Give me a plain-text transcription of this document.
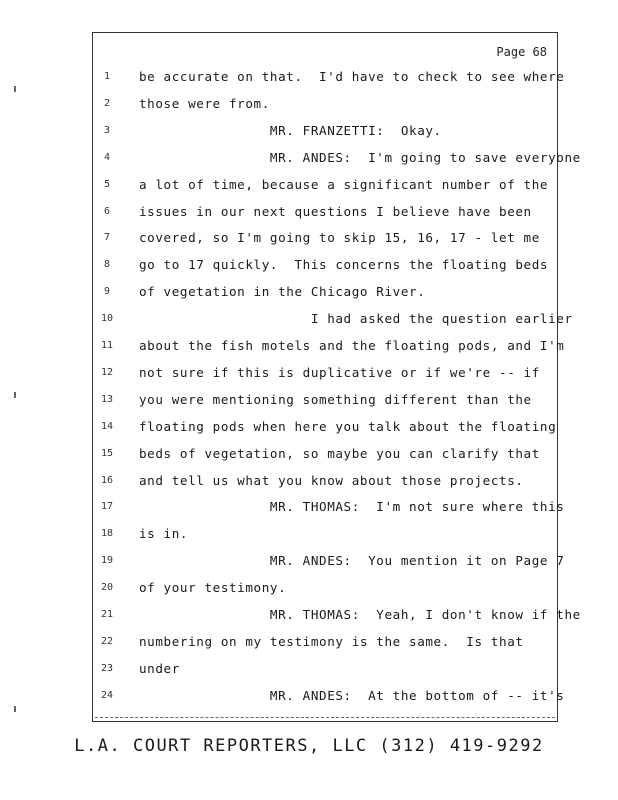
Page 68
1	be accurate on that.  I'd have to check to see where
2	those were from.
3	MR. FRANZETTI:  Okay.
4	MR. ANDES:  I'm going to save everyone
5	a lot of time, because a significant number of the
6	issues in our next questions I believe have been
7	covered, so I'm going to skip 15, 16, 17 - let me
8	go to 17 quickly.  This concerns the floating beds
9	of vegetation in the Chicago River.
10	I had asked the question earlier
11	about the fish motels and the floating pods, and I'm
12	not sure if this is duplicative or if we're -- if
13	you were mentioning something different than the
14	floating pods when here you talk about the floating
15	beds of vegetation, so maybe you can clarify that
16	and tell us what you know about those projects.
17	MR. THOMAS:  I'm not sure where this
18	is in.
19	MR. ANDES:  You mention it on Page 7
20	of your testimony.
21	MR. THOMAS:  Yeah, I don't know if the
22	numbering on my testimony is the same.  Is that
23	under
24	MR. ANDES:  At the bottom of -- it's
L.A. COURT REPORTERS, LLC (312) 419-9292
